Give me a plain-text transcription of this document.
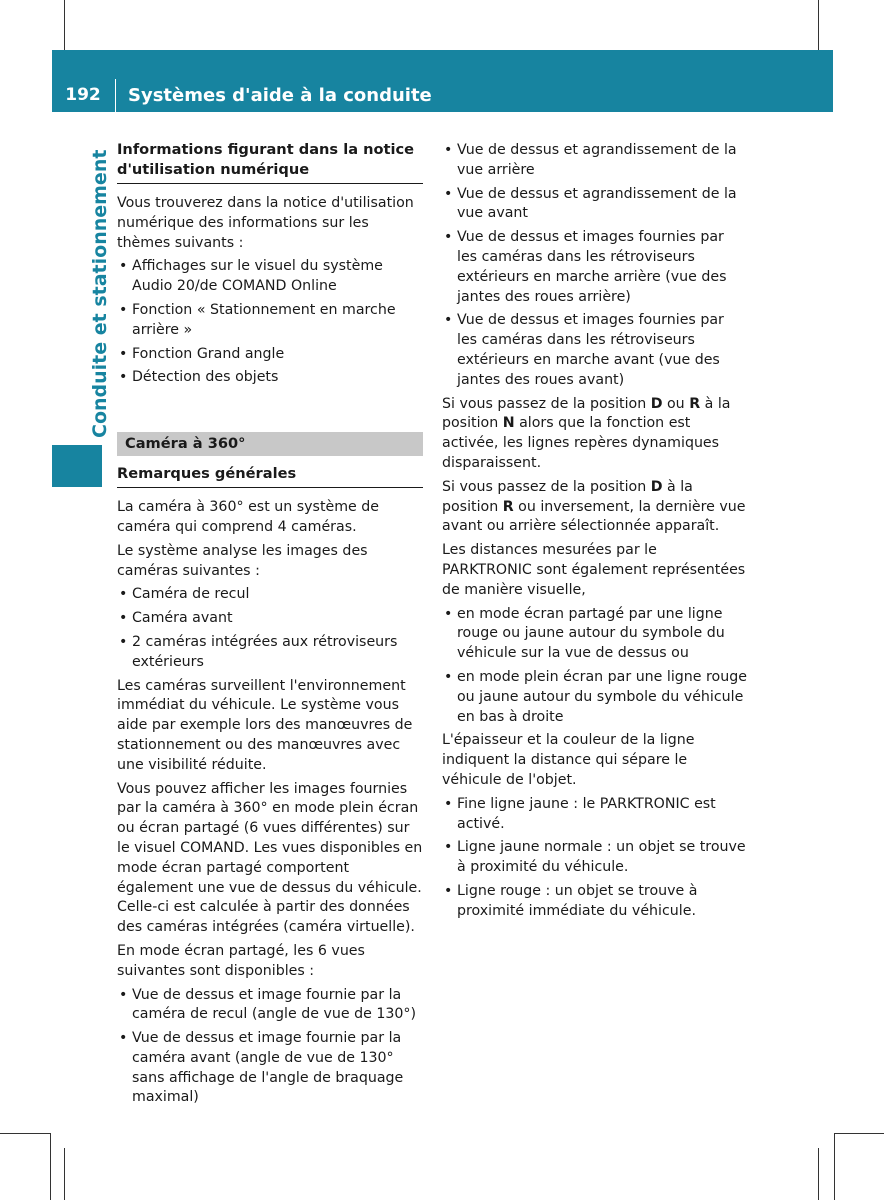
192	Systèmes d'aide à la conduite
Conduite et stationnement
Informations figurant dans la notice d'utilisation numérique

Vous trouverez dans la notice d'utilisation numérique des informations sur les thèmes suivants :

• Affichages sur le visuel du système Audio 20/de COMAND Online
• Fonction « Stationnement en marche arrière »
• Fonction Grand angle
• Détection des objets
Caméra à 360°
Remarques générales

La caméra à 360° est un système de caméra qui comprend 4 caméras.

Le système analyse les images des caméras suivantes :

• Caméra de recul
• Caméra avant
• 2 caméras intégrées aux rétroviseurs extérieurs

Les caméras surveillent l'environnement immédiat du véhicule. Le système vous aide par exemple lors des manœuvres de stationnement ou des manœuvres avec une visibilité réduite.

Vous pouvez afficher les images fournies par la caméra à 360° en mode plein écran ou écran partagé (6 vues différentes) sur le visuel COMAND. Les vues disponibles en mode écran partagé comportent également une vue de dessus du véhicule. Celle-ci est calculée à partir des données des caméras intégrées (caméra virtuelle).

En mode écran partagé, les 6 vues suivantes sont disponibles :

• Vue de dessus et image fournie par la caméra de recul (angle de vue de 130°)
• Vue de dessus et image fournie par la caméra avant (angle de vue de 130° sans affichage de l'angle de braquage maximal)
• Vue de dessus et agrandissement de la vue arrière
• Vue de dessus et agrandissement de la vue avant
• Vue de dessus et images fournies par les caméras dans les rétroviseurs extérieurs en marche arrière (vue des jantes des roues arrière)
• Vue de dessus et images fournies par les caméras dans les rétroviseurs extérieurs en marche avant (vue des jantes des roues avant)

Si vous passez de la position D ou R à la position N alors que la fonction est activée, les lignes repères dynamiques disparaissent.

Si vous passez de la position D à la position R ou inversement, la dernière vue avant ou arrière sélectionnée apparaît.

Les distances mesurées par le PARKTRONIC sont également représentées de manière visuelle,

• en mode écran partagé par une ligne rouge ou jaune autour du symbole du véhicule sur la vue de dessus ou
• en mode plein écran par une ligne rouge ou jaune autour du symbole du véhicule en bas à droite

L'épaisseur et la couleur de la ligne indiquent la distance qui sépare le véhicule de l'objet.

• Fine ligne jaune : le PARKTRONIC est activé.
• Ligne jaune normale : un objet se trouve à proximité du véhicule.
• Ligne rouge : un objet se trouve à proximité immédiate du véhicule.
